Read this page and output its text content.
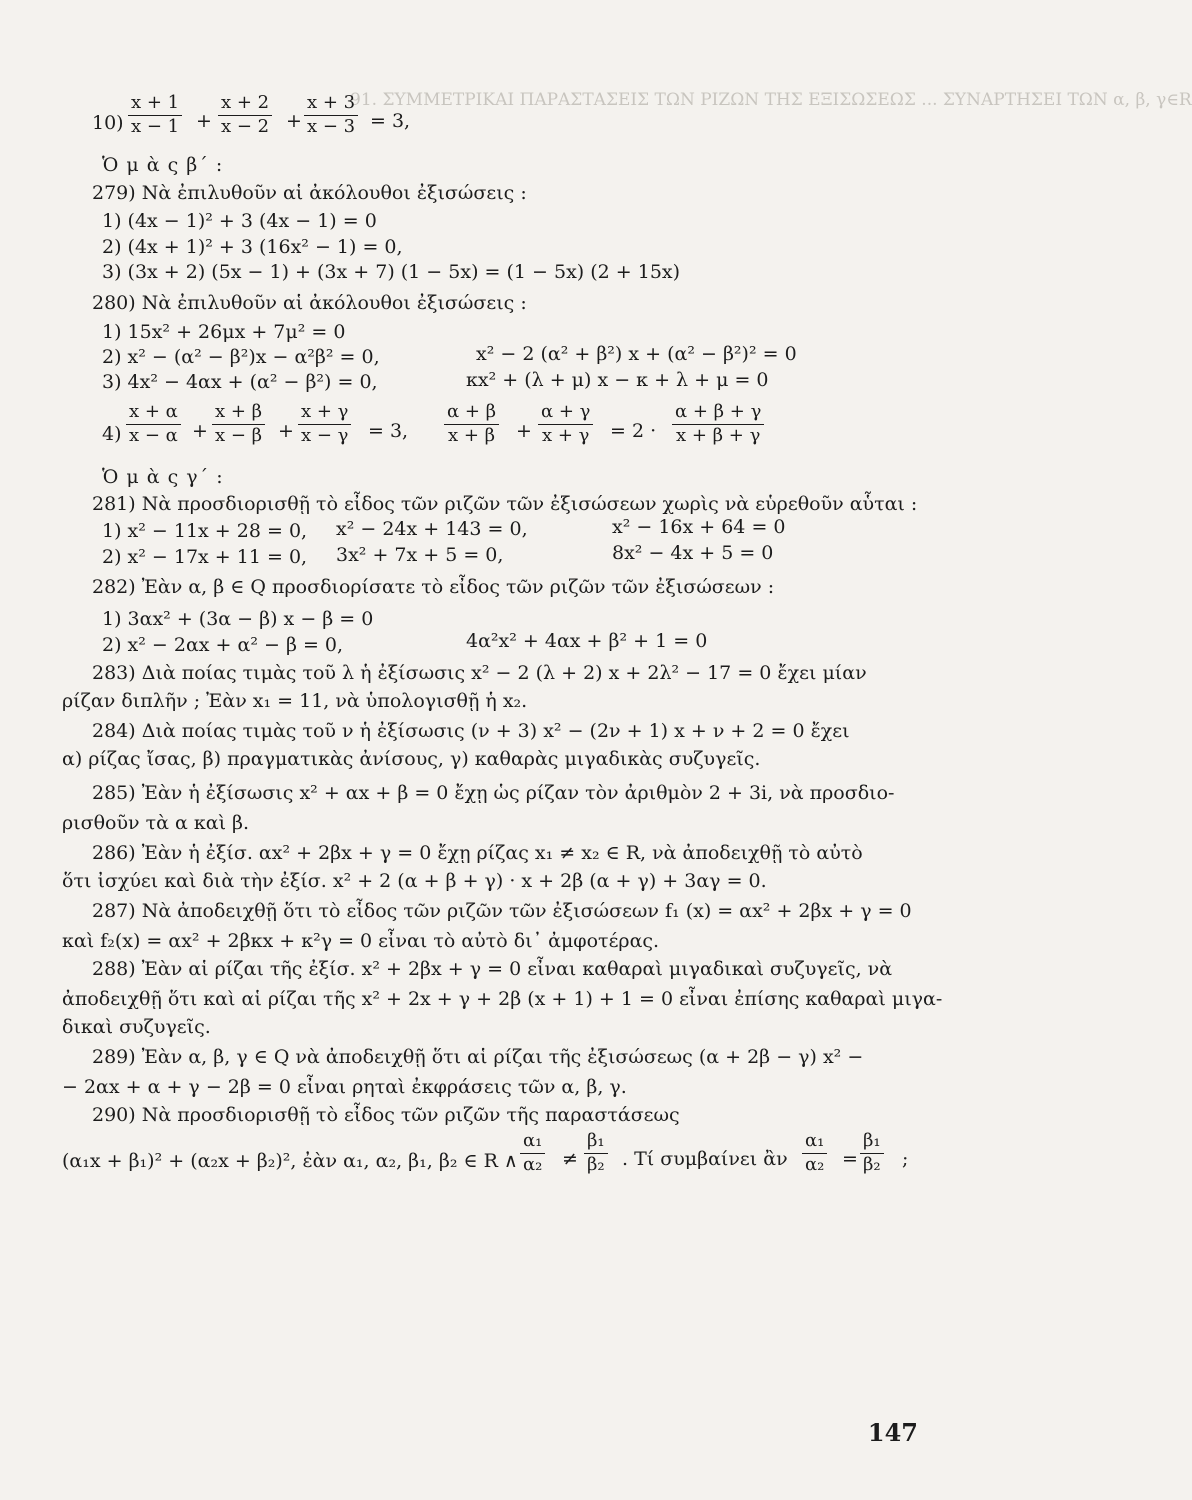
91. ΣΥΜΜΕΤΡΙΚΑΙ ΠΑΡΑΣΤΑΣΕΙΣ ΤΩΝ ΡΙΖΩΝ ΤΗΣ ΕΞΙΣΩΣΕΩΣ ... ΣΥΝΑΡΤΗΣΕΙ ΤΩΝ α, β, γ∈R
$10) \frac{x + 1}{x - 1} + \frac{x + 2}{x - 2} + \frac{x + 3}{x - 3} = 3$,
Ὁ μ ὰ ς β΄ :
279) Νὰ ἐπιλυθοῦν αἱ ἀκόλουθοι ἐξισώσεις :
1) (4x − 1)² + 3 (4x − 1) = 0
2) (4x + 1)² + 3 (16x² − 1) = 0,
3) (3x + 2) (5x − 1) + (3x + 7) (1 − 5x) = (1 − 5x) (2 + 15x)
280) Νὰ ἐπιλυθοῦν αἱ ἀκόλουθοι ἐξισώσεις :
1) 15x² + 26μx + 7μ² = 0
2) x² − (α² − β²)x − α²β² = 0,	x² − 2 (α² + β²) x + (α² − β²)² = 0
3) 4x² − 4αx + (α² − β²) = 0,	κx² + (λ + μ) x − κ + λ + μ = 0
$4) \frac{x + \alpha}{x - \alpha} + \frac{x + \beta}{x - \beta} + \frac{x + \gamma}{x - \gamma} = 3$, $\frac{\alpha + \beta}{x + \beta} + \frac{\alpha + \gamma}{x + \gamma} = 2 \cdot \frac{\alpha + \beta + \gamma}{x + \beta + \gamma}$
Ὁ μ ὰ ς γ΄ :
281) Νὰ προσδιορισθῇ τὸ εἶδος τῶν ριζῶν τῶν ἐξισώσεων χωρὶς νὰ εὑρεθοῦν αὗται :
1) x² − 11x + 28 = 0, x² − 24x + 143 = 0,	x² − 16x + 64 = 0
2) x² − 17x + 11 = 0, 3x² + 7x + 5 = 0,	8x² − 4x + 5 = 0
282) Ἐὰν α, β ∈ Q προσδιορίσατε τὸ εἶδος τῶν ριζῶν τῶν ἐξισώσεων :
1) 3αx² + (3α − β) x − β = 0
2) x² − 2αx + α² − β = 0,	4α²x² + 4αx + β² + 1 = 0
283) Διὰ ποίας τιμὰς τοῦ λ ἡ ἐξίσωσις x² − 2 (λ + 2) x + 2λ² − 17 = 0 ἔχει μίαν
ρίζαν διπλῆν ; Ἐὰν x₁ = 11, νὰ ὑπολογισθῇ ἡ x₂.
284) Διὰ ποίας τιμὰς τοῦ ν ἡ ἐξίσωσις (ν + 3) x² − (2ν + 1) x + ν + 2 = 0 ἔχει
α) ρίζας ἴσας, β) πραγματικὰς ἀνίσους, γ) καθαρὰς μιγαδικὰς συζυγεῖς.
285) Ἐὰν ἡ ἐξίσωσις x² + αx + β = 0 ἔχῃ ὡς ρίζαν τὸν ἀριθμὸν 2 + 3i, νὰ προσδιο-
ρισθοῦν τὰ α καὶ β.
286) Ἐὰν ἡ ἐξίσ. αx² + 2βx + γ = 0 ἔχῃ ρίζας x₁ ≠ x₂ ∈ R, νὰ ἀποδειχθῇ τὸ αὐτὸ
ὅτι ἰσχύει καὶ διὰ τὴν ἐξίσ. x² + 2 (α + β + γ) · x + 2β (α + γ) + 3αγ = 0.
287) Νὰ ἀποδειχθῇ ὅτι τὸ εἶδος τῶν ριζῶν τῶν ἐξισώσεων f₁ (x) = αx² + 2βx + γ = 0
καὶ f₂(x) = αx² + 2βκx + κ²γ = 0 εἶναι τὸ αὐτὸ δι᾽ ἀμφοτέρας.
288) Ἐὰν αἱ ρίζαι τῆς ἐξίσ. x² + 2βx + γ = 0 εἶναι καθαραὶ μιγαδικαὶ συζυγεῖς, νὰ
ἀποδειχθῇ ὅτι καὶ αἱ ρίζαι τῆς x² + 2x + γ + 2β (x + 1) + 1 = 0 εἶναι ἐπίσης καθαραὶ μιγα-
δικαὶ συζυγεῖς.
289) Ἐὰν α, β, γ ∈ Q νὰ ἀποδειχθῇ ὅτι αἱ ρίζαι τῆς ἐξισώσεως (α + 2β − γ) x² −
− 2αx + α + γ − 2β = 0 εἶναι ρηταὶ ἐκφράσεις τῶν α, β, γ.
290) Νὰ προσδιορισθῇ τὸ εἶδος τῶν ριζῶν τῆς παραστάσεως
(α₁x + β₁)² + (α₂x + β₂)², ἐὰν α₁, α₂, β₁, β₂ ∈ R ∧ $\frac{\text{α₁}}{\text{α₂}} \ne \frac{\text{β₁}}{\text{β₂}}$ . Τί συμβαίνει ἂν $\frac{\text{α₁}}{\text{α₂}} = \frac{\text{β₁}}{\text{β₂}}$ ;
147
